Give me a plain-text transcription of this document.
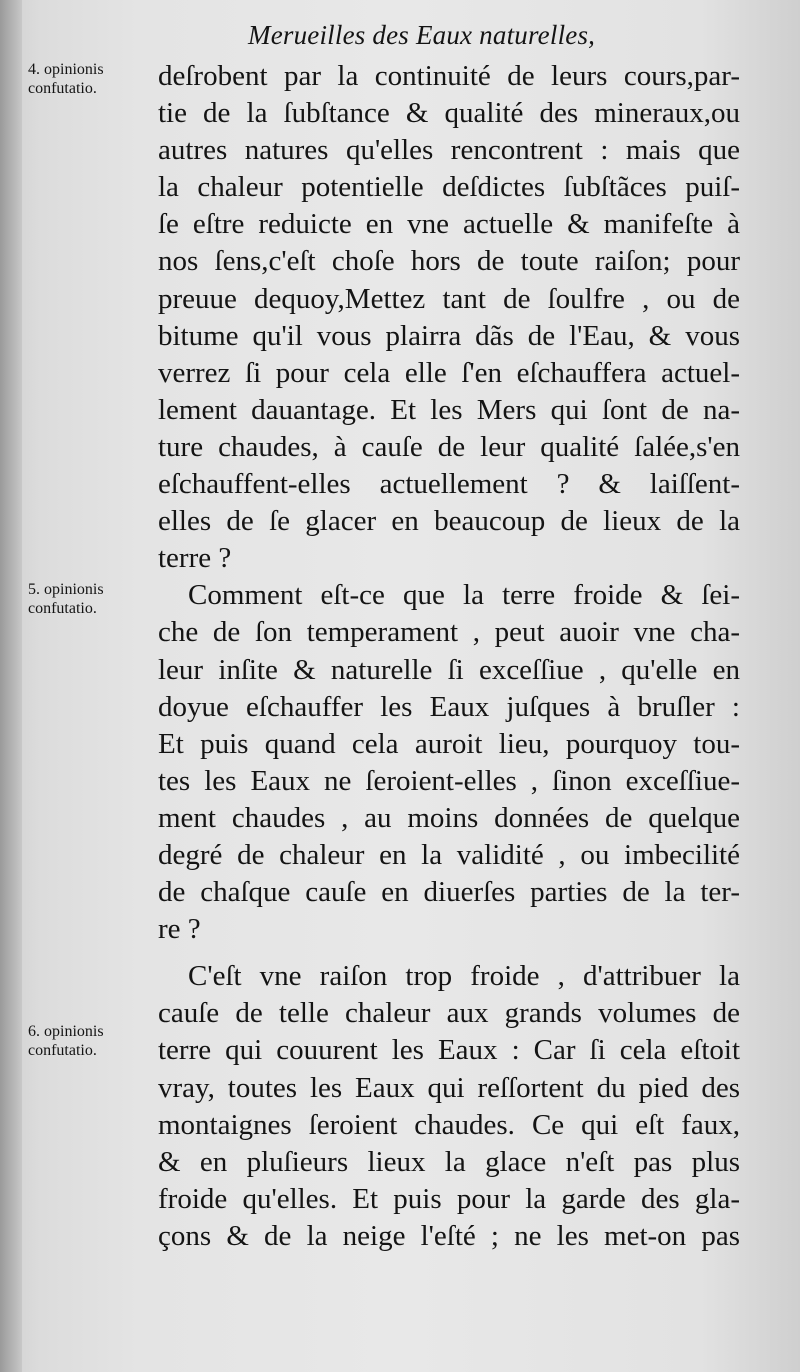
Merueilles des Eaux naturelles,
4. opinionis
confutatio.
5. opinionis
confutatio.
6. opinionis
confutatio.
deſrobent par la continuité de leurs cours,par-
tie de la ſubſtance & qualité des mineraux,ou
autres natures qu'elles rencontrent : mais que
la chaleur potentielle deſdictes ſubſtãces puiſ-
ſe eſtre reduicte en vne actuelle & manifeſte à
nos ſens,c'eſt choſe hors de toute raiſon; pour
preuue dequoy,Mettez tant de ſoulfre , ou de
bitume qu'il vous plairra dãs de l'Eau, & vous
verrez ſi pour cela elle ſ'en eſchauffera actuel-
lement dauantage. Et les Mers qui ſont de na-
ture chaudes, à cauſe de leur qualité ſalée,s'en
eſchauffent-elles actuellement ? & laiſſent-
elles de ſe glacer en beaucoup de lieux de la
terre ?
Comment eſt-ce que la terre froide & ſei-
che de ſon temperament , peut auoir vne cha-
leur inſite & naturelle ſi exceſſiue , qu'elle en
doyue eſchauffer les Eaux juſques à bruſler :
Et puis quand cela auroit lieu, pourquoy tou-
tes les Eaux ne ſeroient-elles , ſinon exceſſiue-
ment chaudes , au moins données de quelque
degré de chaleur en la validité , ou imbecilité
de chaſque cauſe en diuerſes parties de la ter-
re ?
C'eſt vne raiſon trop froide , d'attribuer la
cauſe de telle chaleur aux grands volumes de
terre qui couurent les Eaux : Car ſi cela eſtoit
vray, toutes les Eaux qui reſſortent du pied des
montaignes ſeroient chaudes. Ce qui eſt faux,
& en pluſieurs lieux la glace n'eſt pas plus
froide qu'elles. Et puis pour la garde des gla-
çons & de la neige l'eſté ; ne les met-on pas
